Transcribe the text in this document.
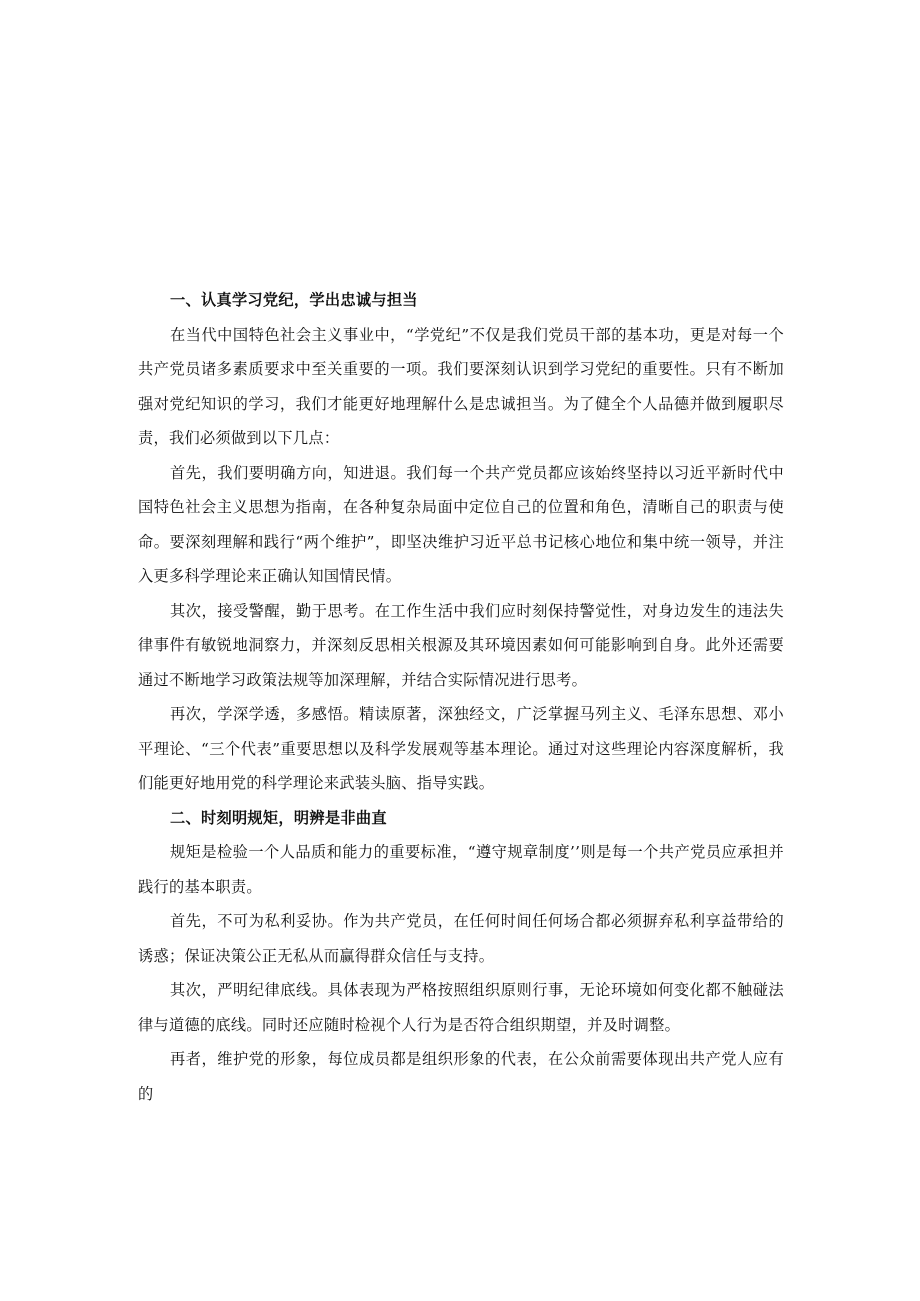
一、认真学习党纪，学出忠诚与担当

在当代中国特色社会主义事业中，“学党纪”不仅是我们党员干部的基本功，更是对每一个共产党员诸多素质要求中至关重要的一项。我们要深刻认识到学习党纪的重要性。只有不断加强对党纪知识的学习，我们才能更好地理解什么是忠诚担当。为了健全个人品德并做到履职尽责，我们必须做到以下几点：

首先，我们要明确方向，知进退。我们每一个共产党员都应该始终坚持以习近平新时代中国特色社会主义思想为指南，在各种复杂局面中定位自己的位置和角色，清晰自己的职责与使命。要深刻理解和践行“两个维护”，即坚决维护习近平总书记核心地位和集中统一领导，并注入更多科学理论来正确认知国情民情。

其次，接受警醒，勤于思考。在工作生活中我们应时刻保持警觉性，对身边发生的违法失律事件有敏锐地洞察力，并深刻反思相关根源及其环境因素如何可能影响到自身。此外还需要通过不断地学习政策法规等加深理解，并结合实际情况进行思考。

再次，学深学透，多感悟。精读原著，深独经文，广泛掌握马列主义、毛泽东思想、邓小平理论、“三个代表”重要思想以及科学发展观等基本理论。通过对这些理论内容深度解析，我们能更好地用党的科学理论来武装头脑、指导实践。

二、时刻明规矩，明辨是非曲直

规矩是检验一个人品质和能力的重要标准，“遵守规章制度’’则是每一个共产党员应承担并践行的基本职责。

首先，不可为私利妥协。作为共产党员，在任何时间任何场合都必须摒弃私利享益带给的诱惑；保证决策公正无私从而赢得群众信任与支持。

其次，严明纪律底线。具体表现为严格按照组织原则行事，无论环境如何变化都不触碰法律与道德的底线。同时还应随时检视个人行为是否符合组织期望，并及时调整。

再者，维护党的形象，每位成员都是组织形象的代表，在公众前需要体现出共产党人应有的
